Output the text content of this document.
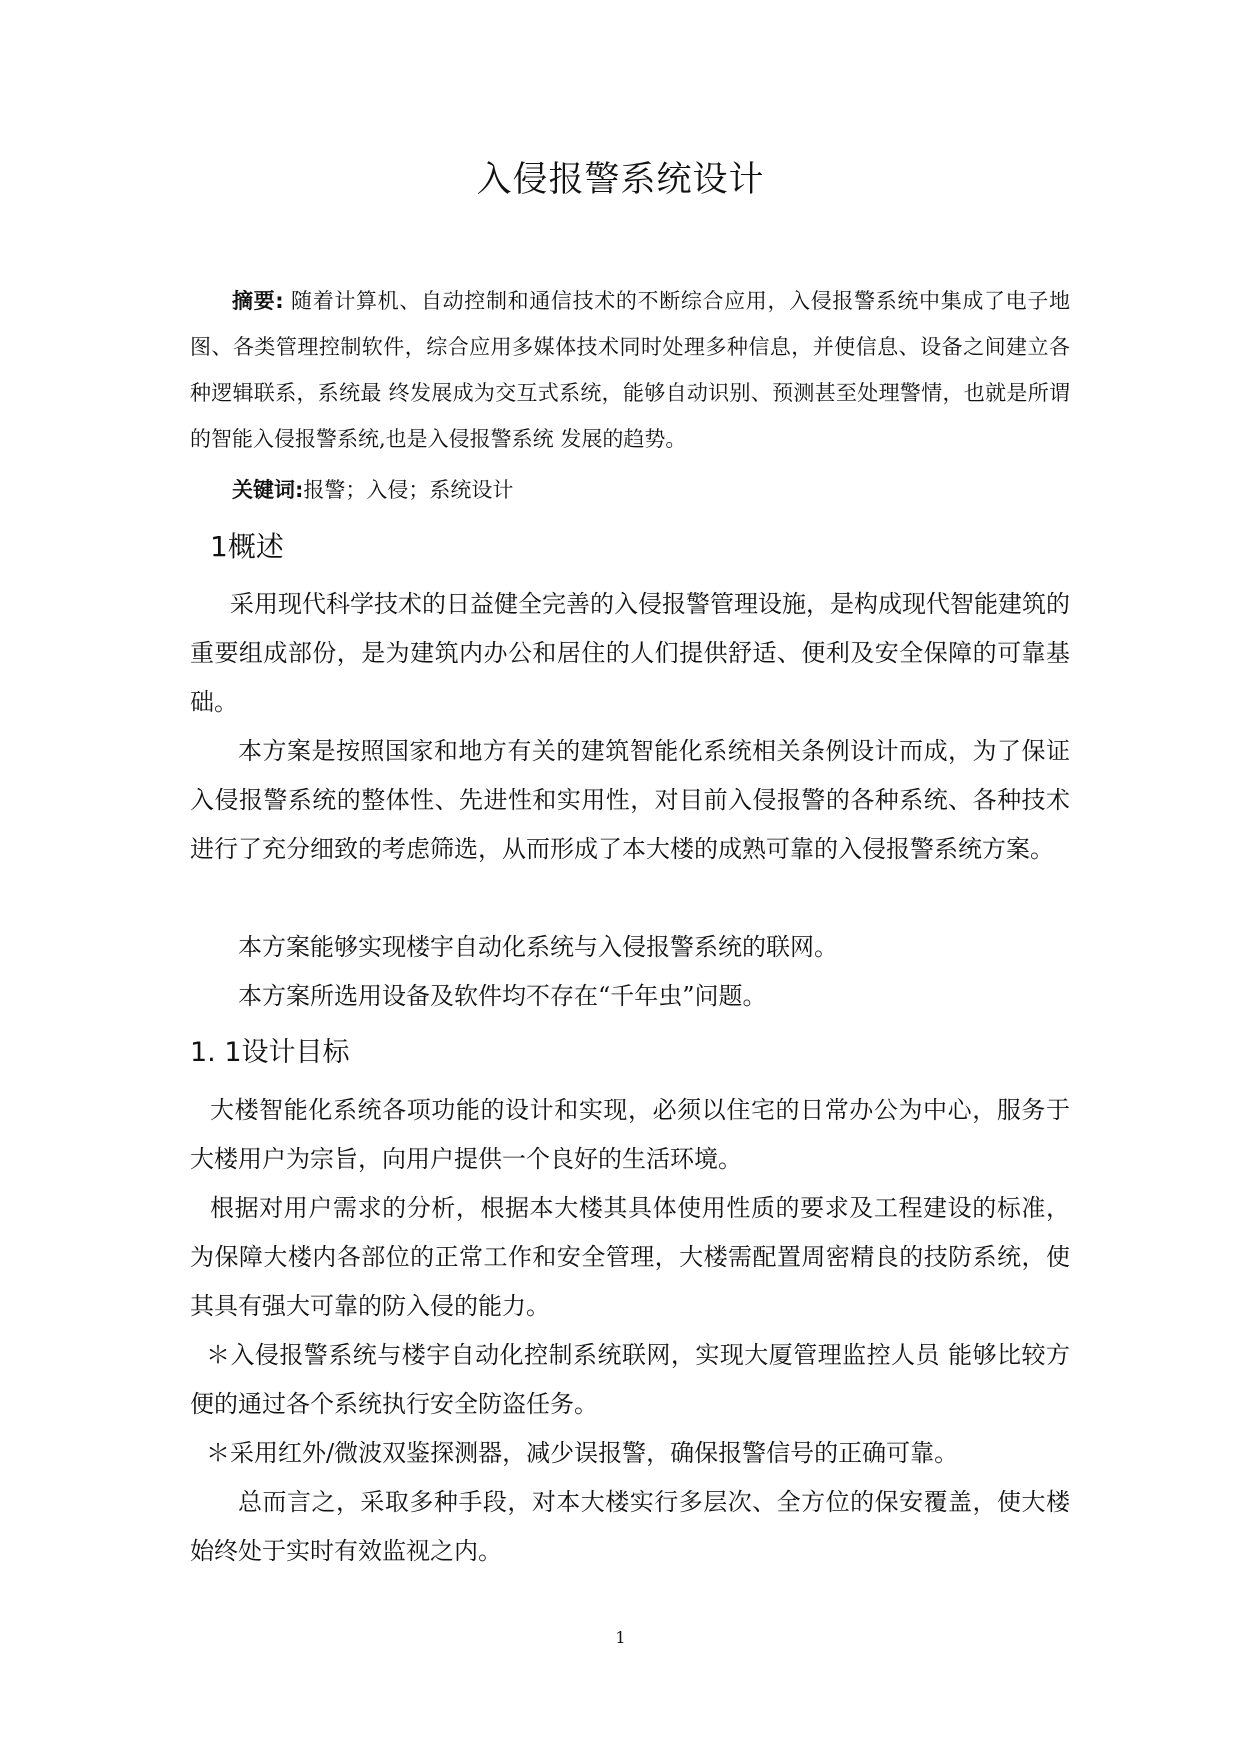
入侵报警系统设计

摘要: 随着计算机、自动控制和通信技术的不断综合应用，入侵报警系统中集成了电子地图、各类管理控制软件，综合应用多媒体技术同时处理多种信息，并使信息、设备之间建立各种逻辑联系，系统最 终发展成为交互式系统，能够自动识别、预测甚至处理警情，也就是所谓的智能入侵报警系统,也是入侵报警系统 发展的趋势。

关键词:报警；入侵；系统设计

1概述

采用现代科学技术的日益健全完善的入侵报警管理设施，是构成现代智能建筑的重要组成部份，是为建筑内办公和居住的人们提供舒适、便利及安全保障的可靠基础。

本方案是按照国家和地方有关的建筑智能化系统相关条例设计而成，为了保证入侵报警系统的整体性、先进性和实用性，对目前入侵报警的各种系统、各种技术进行了充分细致的考虑筛选，从而形成了本大楼的成熟可靠的入侵报警系统方案。

本方案能够实现楼宇自动化系统与入侵报警系统的联网。

本方案所选用设备及软件均不存在“千年虫”问题。

1. 1设计目标

大楼智能化系统各项功能的设计和实现，必须以住宅的日常办公为中心，服务于大楼用户为宗旨，向用户提供一个良好的生活环境。

根据对用户需求的分析，根据本大楼其具体使用性质的要求及工程建设的标准，为保障大楼内各部位的正常工作和安全管理，大楼需配置周密精良的技防系统，使其具有强大可靠的防入侵的能力。

＊入侵报警系统与楼宇自动化控制系统联网，实现大厦管理监控人员 能够比较方便的通过各个系统执行安全防盗任务。

＊采用红外/微波双鉴探测器，减少误报警，确保报警信号的正确可靠。

总而言之，采取多种手段，对本大楼实行多层次、全方位的保安覆盖，使大楼始终处于实时有效监视之内。

1
